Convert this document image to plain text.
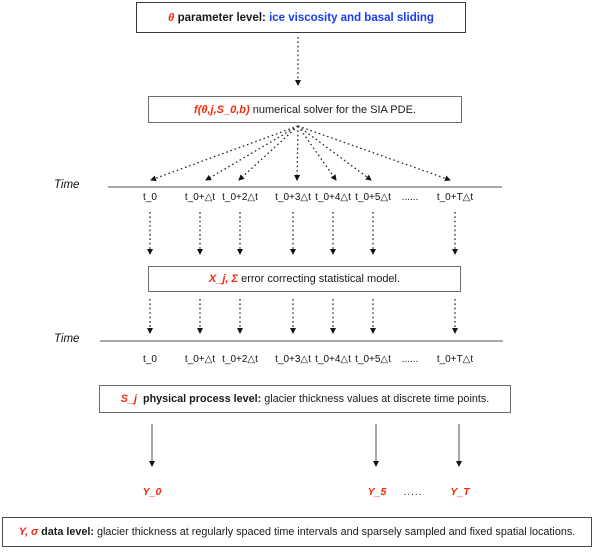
θ
parameter level:
ice viscosity and basal sliding
f(θ,j,S_0,b)
numerical solver for the SIA PDE.
Time
t_0	t_0+△t t_0+2△t t_0+3△t t_0+4△t t_0+5△t ...... t_0+T△t
X_j, Σ
error correcting statistical model.
Time
t_0	t_0+△t t_0+2△t t_0+3△t t_0+4△t t_0+5△t ...... t_0+T△t
S_j
physical process level:
glacier thickness values at discrete time points.
Y_0	Y_5 .....	Y_T
Y, σ
data level:
glacier thickness at regularly spaced time intervals and sparsely sampled and fixed spatial locations.
